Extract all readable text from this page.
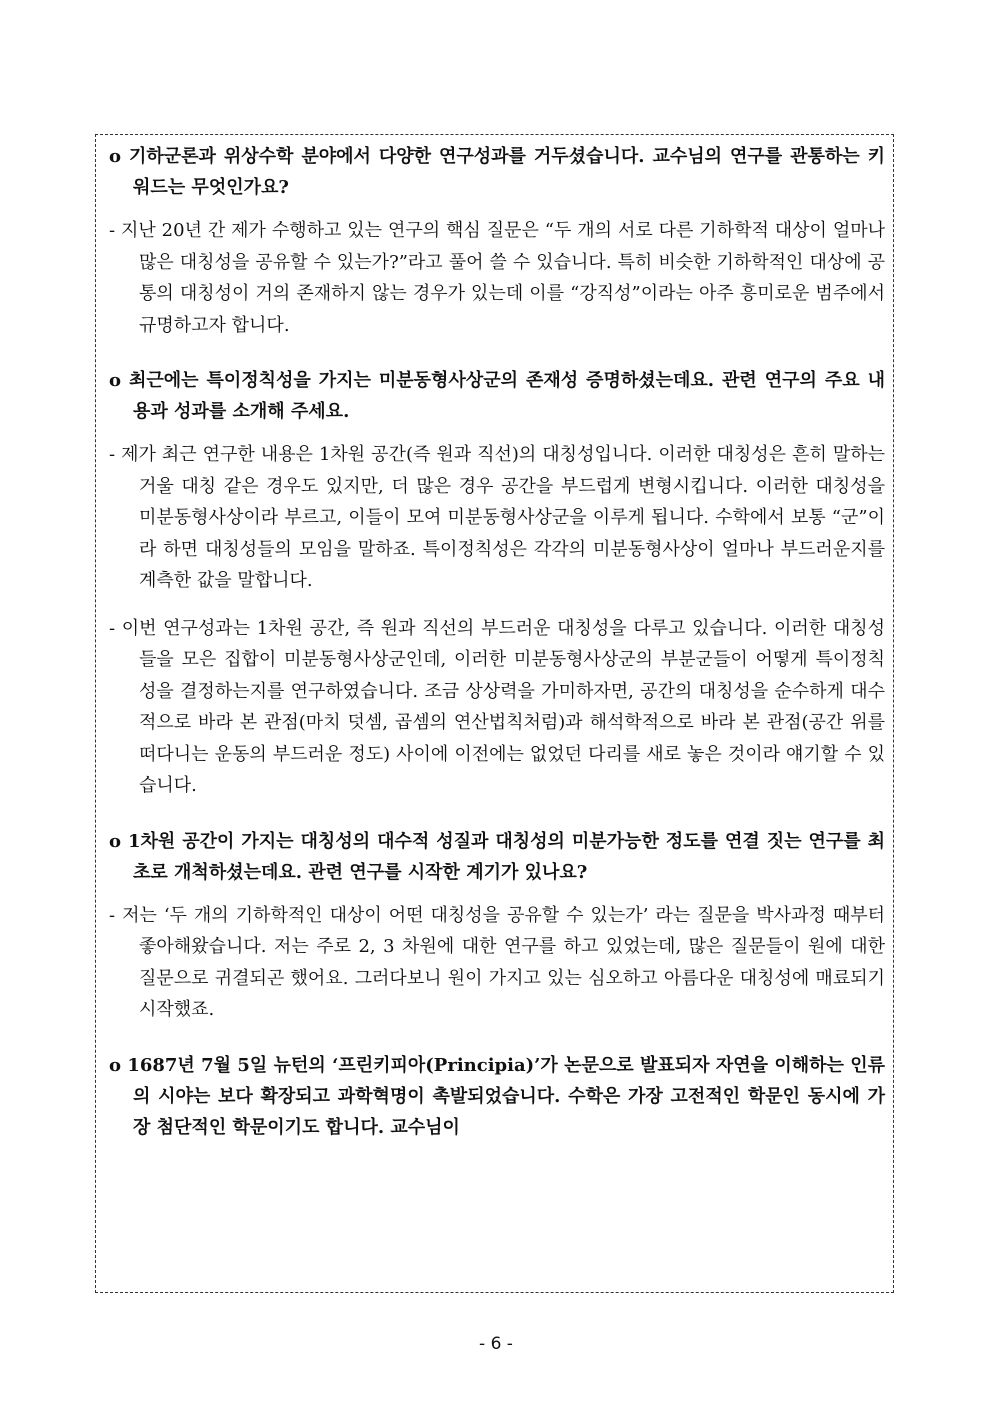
o 기하군론과 위상수학 분야에서 다양한 연구성과를 거두셨습니다. 교수님의 연구를 관통하는 키워드는 무엇인가요?

- 지난 20년 간 제가 수행하고 있는 연구의 핵심 질문은 “두 개의 서로 다른 기하학적 대상이 얼마나 많은 대칭성을 공유할 수 있는가?”라고 풀어 쓸 수 있습니다. 특히 비슷한 기하학적인 대상에 공통의 대칭성이 거의 존재하지 않는 경우가 있는데 이를 “강직성”이라는 아주 흥미로운 범주에서 규명하고자 합니다.

o 최근에는 특이정칙성을 가지는 미분동형사상군의 존재성 증명하셨는데요. 관련 연구의 주요 내용과 성과를 소개해 주세요.

- 제가 최근 연구한 내용은 1차원 공간(즉 원과 직선)의 대칭성입니다. 이러한 대칭성은 흔히 말하는 거울 대칭 같은 경우도 있지만, 더 많은 경우 공간을 부드럽게 변형시킵니다. 이러한 대칭성을 미분동형사상이라 부르고, 이들이 모여 미분동형사상군을 이루게 됩니다. 수학에서 보통 “군”이라 하면 대칭성들의 모임을 말하죠. 특이정칙성은 각각의 미분동형사상이 얼마나 부드러운지를 계측한 값을 말합니다.

- 이번 연구성과는 1차원 공간, 즉 원과 직선의 부드러운 대칭성을 다루고 있습니다. 이러한 대칭성들을 모은 집합이 미분동형사상군인데, 이러한 미분동형사상군의 부분군들이 어떻게 특이정칙성을 결정하는지를 연구하였습니다. 조금 상상력을 가미하자면, 공간의 대칭성을 순수하게 대수적으로 바라 본 관점(마치 덧셈, 곱셈의 연산법칙처럼)과 해석학적으로 바라 본 관점(공간 위를 떠다니는 운동의 부드러운 정도) 사이에 이전에는 없었던 다리를 새로 놓은 것이라 얘기할 수 있습니다.

o 1차원 공간이 가지는 대칭성의 대수적 성질과 대칭성의 미분가능한 정도를 연결 짓는 연구를 최초로 개척하셨는데요. 관련 연구를 시작한 계기가 있나요?

- 저는 ‘두 개의 기하학적인 대상이 어떤 대칭성을 공유할 수 있는가’ 라는 질문을 박사과정 때부터 좋아해왔습니다. 저는 주로 2, 3 차원에 대한 연구를 하고 있었는데, 많은 질문들이 원에 대한 질문으로 귀결되곤 했어요. 그러다보니 원이 가지고 있는 심오하고 아름다운 대칭성에 매료되기 시작했죠.

o 1687년 7월 5일 뉴턴의 ‘프린키피아(Principia)’가 논문으로 발표되자 자연을 이해하는 인류의 시야는 보다 확장되고 과학혁명이 촉발되었습니다. 수학은 가장 고전적인 학문인 동시에 가장 첨단적인 학문이기도 합니다. 교수님이

- 6 -
